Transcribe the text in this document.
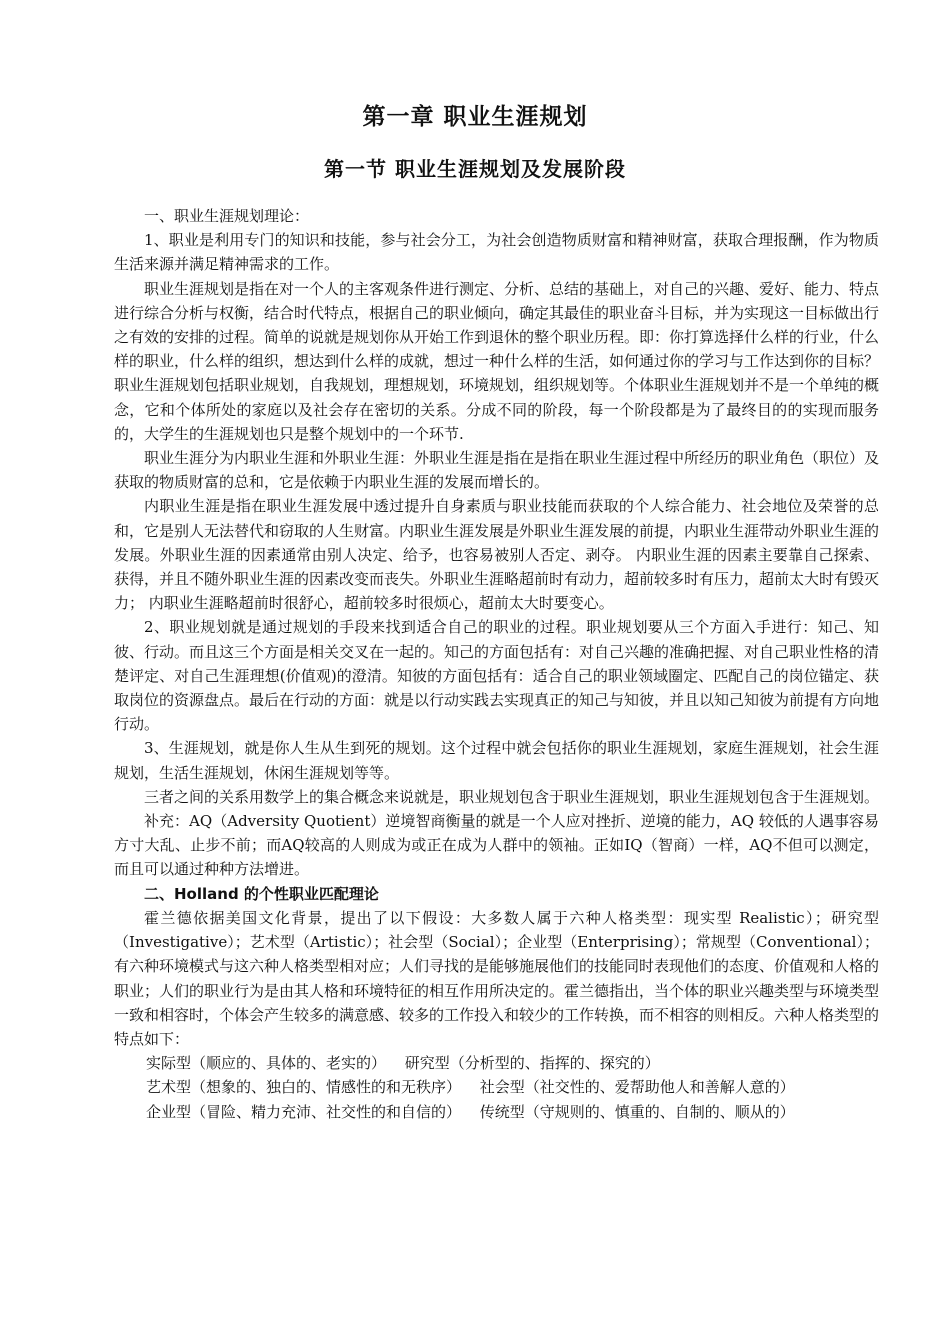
第一章 职业生涯规划
第一节 职业生涯规划及发展阶段

一、职业生涯规划理论：

1、职业是利用专门的知识和技能，参与社会分工，为社会创造物质财富和精神财富，获取合理报酬，作为物质生活来源并满足精神需求的工作。

职业生涯规划是指在对一个人的主客观条件进行测定、分析、总结的基础上，对自己的兴趣、爱好、能力、特点进行综合分析与权衡，结合时代特点，根据自己的职业倾向，确定其最佳的职业奋斗目标，并为实现这一目标做出行之有效的安排的过程。简单的说就是规划你从开始工作到退休的整个职业历程。即：你打算选择什么样的行业，什么样的职业，什么样的组织，想达到什么样的成就，想过一种什么样的生活，如何通过你的学习与工作达到你的目标？职业生涯规划包括职业规划，自我规划，理想规划，环境规划，组织规划等。个体职业生涯规划并不是一个单纯的概念，它和个体所处的家庭以及社会存在密切的关系。分成不同的阶段，每一个阶段都是为了最终目的的实现而服务的，大学生的生涯规划也只是整个规划中的一个环节.

职业生涯分为内职业生涯和外职业生涯：外职业生涯是指在是指在职业生涯过程中所经历的职业角色（职位）及获取的物质财富的总和，它是依赖于内职业生涯的发展而增长的。

内职业生涯是指在职业生涯发展中透过提升自身素质与职业技能而获取的个人综合能力、社会地位及荣誉的总和，它是别人无法替代和窃取的人生财富。内职业生涯发展是外职业生涯发展的前提，内职业生涯带动外职业生涯的发展。外职业生涯的因素通常由别人决定、给予，也容易被别人否定、剥夺。 内职业生涯的因素主要靠自己探索、获得，并且不随外职业生涯的因素改变而丧失。外职业生涯略超前时有动力，超前较多时有压力，超前太大时有毁灭力； 内职业生涯略超前时很舒心，超前较多时很烦心，超前太大时要变心。

2、职业规划就是通过规划的手段来找到适合自己的职业的过程。职业规划要从三个方面入手进行：知己、知彼、行动。而且这三个方面是相关交叉在一起的。知己的方面包括有：对自己兴趣的准确把握、对自己职业性格的清楚评定、对自己生涯理想(价值观)的澄清。知彼的方面包括有：适合自己的职业领域圈定、匹配自己的岗位锚定、获取岗位的资源盘点。最后在行动的方面：就是以行动实践去实现真正的知己与知彼，并且以知己知彼为前提有方向地行动。

3、生涯规划，就是你人生从生到死的规划。这个过程中就会包括你的职业生涯规划，家庭生涯规划，社会生涯规划，生活生涯规划，休闲生涯规划等等。

三者之间的关系用数学上的集合概念来说就是，职业规划包含于职业生涯规划，职业生涯规划包含于生涯规划。

补充：AQ（Adversity Quotient）逆境智商衡量的就是一个人应对挫折、逆境的能力，AQ 较低的人遇事容易方寸大乱、止步不前；而AQ较高的人则成为或正在成为人群中的领袖。正如IQ（智商）一样，AQ不但可以测定，而且可以通过种种方法增进。

二、Holland 的个性职业匹配理论

霍兰德依据美国文化背景，提出了以下假设：大多数人属于六种人格类型：现实型 Realistic）；研究型（Investigative）；艺术型（Artistic）；社会型（Social）；企业型（Enterprising）；常规型（Conventional）；有六种环境模式与这六种人格类型相对应；人们寻找的是能够施展他们的技能同时表现他们的态度、价值观和人格的职业；人们的职业行为是由其人格和环境特征的相互作用所决定的。霍兰德指出，当个体的职业兴趣类型与环境类型一致和相容时，个体会产生较多的满意感、较多的工作投入和较少的工作转换，而不相容的则相反。六种人格类型的特点如下：

实际型（顺应的、具体的、老实的） 研究型（分析型的、指挥的、探究的）
艺术型（想象的、独白的、情感性的和无秩序） 社会型（社交性的、爱帮助他人和善解人意的）
企业型（冒险、精力充沛、社交性的和自信的） 传统型（守规则的、慎重的、自制的、顺从的）
